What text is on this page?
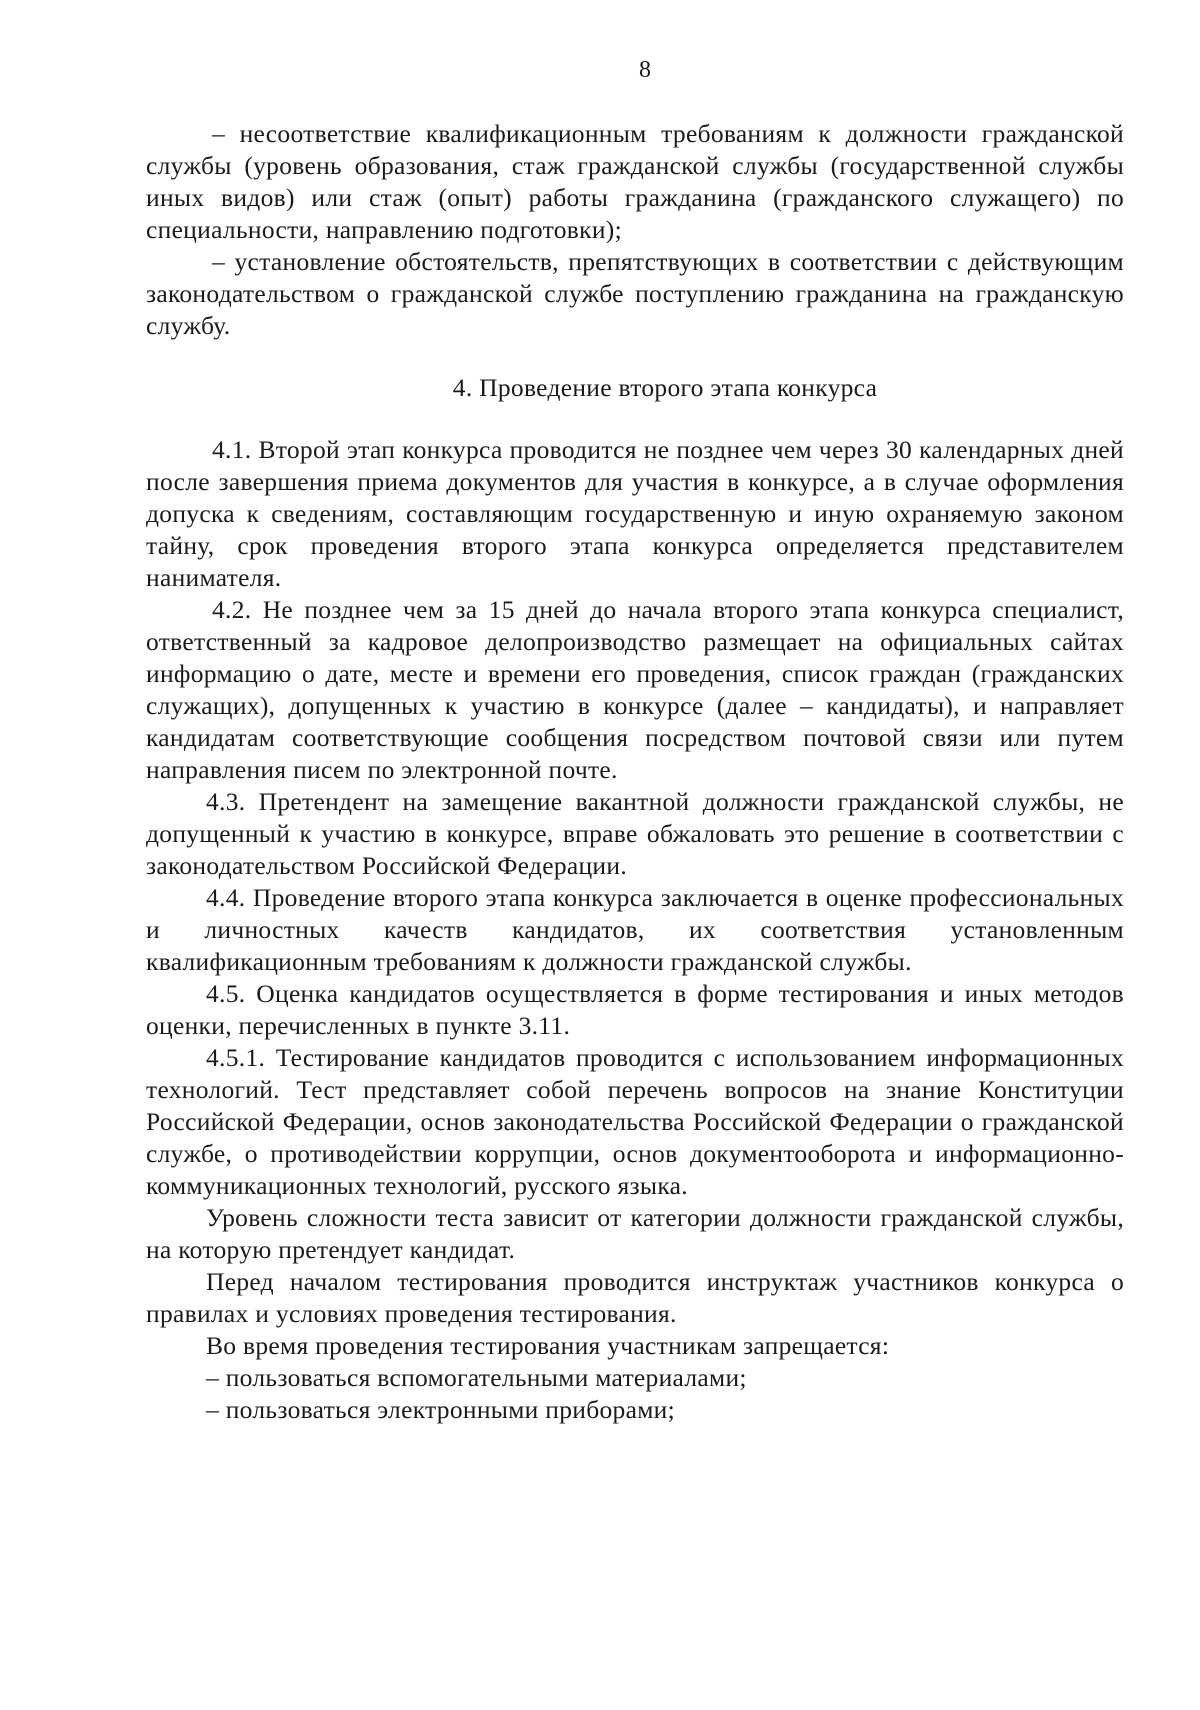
8

– несоответствие квалификационным требованиям к должности гражданской службы (уровень образования, стаж гражданской службы (государственной службы иных видов) или стаж (опыт) работы гражданина (гражданского служащего) по специальности, направлению подготовки);

– установление обстоятельств, препятствующих в соответствии с действующим законодательством о гражданской службе поступлению гражданина на гражданскую службу.

4. Проведение второго этапа конкурса

4.1. Второй этап конкурса проводится не позднее чем через 30 календарных дней после завершения приема документов для участия в конкурсе, а в случае оформления допуска к сведениям, составляющим государственную и иную охраняемую законом тайну, срок проведения второго этапа конкурса определяется представителем нанимателя.

4.2. Не позднее чем за 15 дней до начала второго этапа конкурса специалист, ответственный за кадровое делопроизводство размещает на официальных сайтах информацию о дате, месте и времени его проведения, список граждан (гражданских служащих), допущенных к участию в конкурсе (далее – кандидаты), и направляет кандидатам соответствующие сообщения посредством почтовой связи или путем направления писем по электронной почте.

4.3. Претендент на замещение вакантной должности гражданской службы, не допущенный к участию в конкурсе, вправе обжаловать это решение в соответствии с законодательством Российской Федерации.

4.4. Проведение второго этапа конкурса заключается в оценке профессиональных и личностных качеств кандидатов, их соответствия установленным квалификационным требованиям к должности гражданской службы.

4.5. Оценка кандидатов осуществляется в форме тестирования и иных методов оценки, перечисленных в пункте 3.11.

4.5.1. Тестирование кандидатов проводится с использованием информационных технологий. Тест представляет собой перечень вопросов на знание Конституции Российской Федерации, основ законодательства Российской Федерации о гражданской службе, о противодействии коррупции, основ документооборота и информационно-коммуникационных технологий, русского языка.

Уровень сложности теста зависит от категории должности гражданской службы, на которую претендует кандидат.

Перед началом тестирования проводится инструктаж участников конкурса о правилах и условиях проведения тестирования.

Во время проведения тестирования участникам запрещается:

– пользоваться вспомогательными материалами;

– пользоваться электронными приборами;
